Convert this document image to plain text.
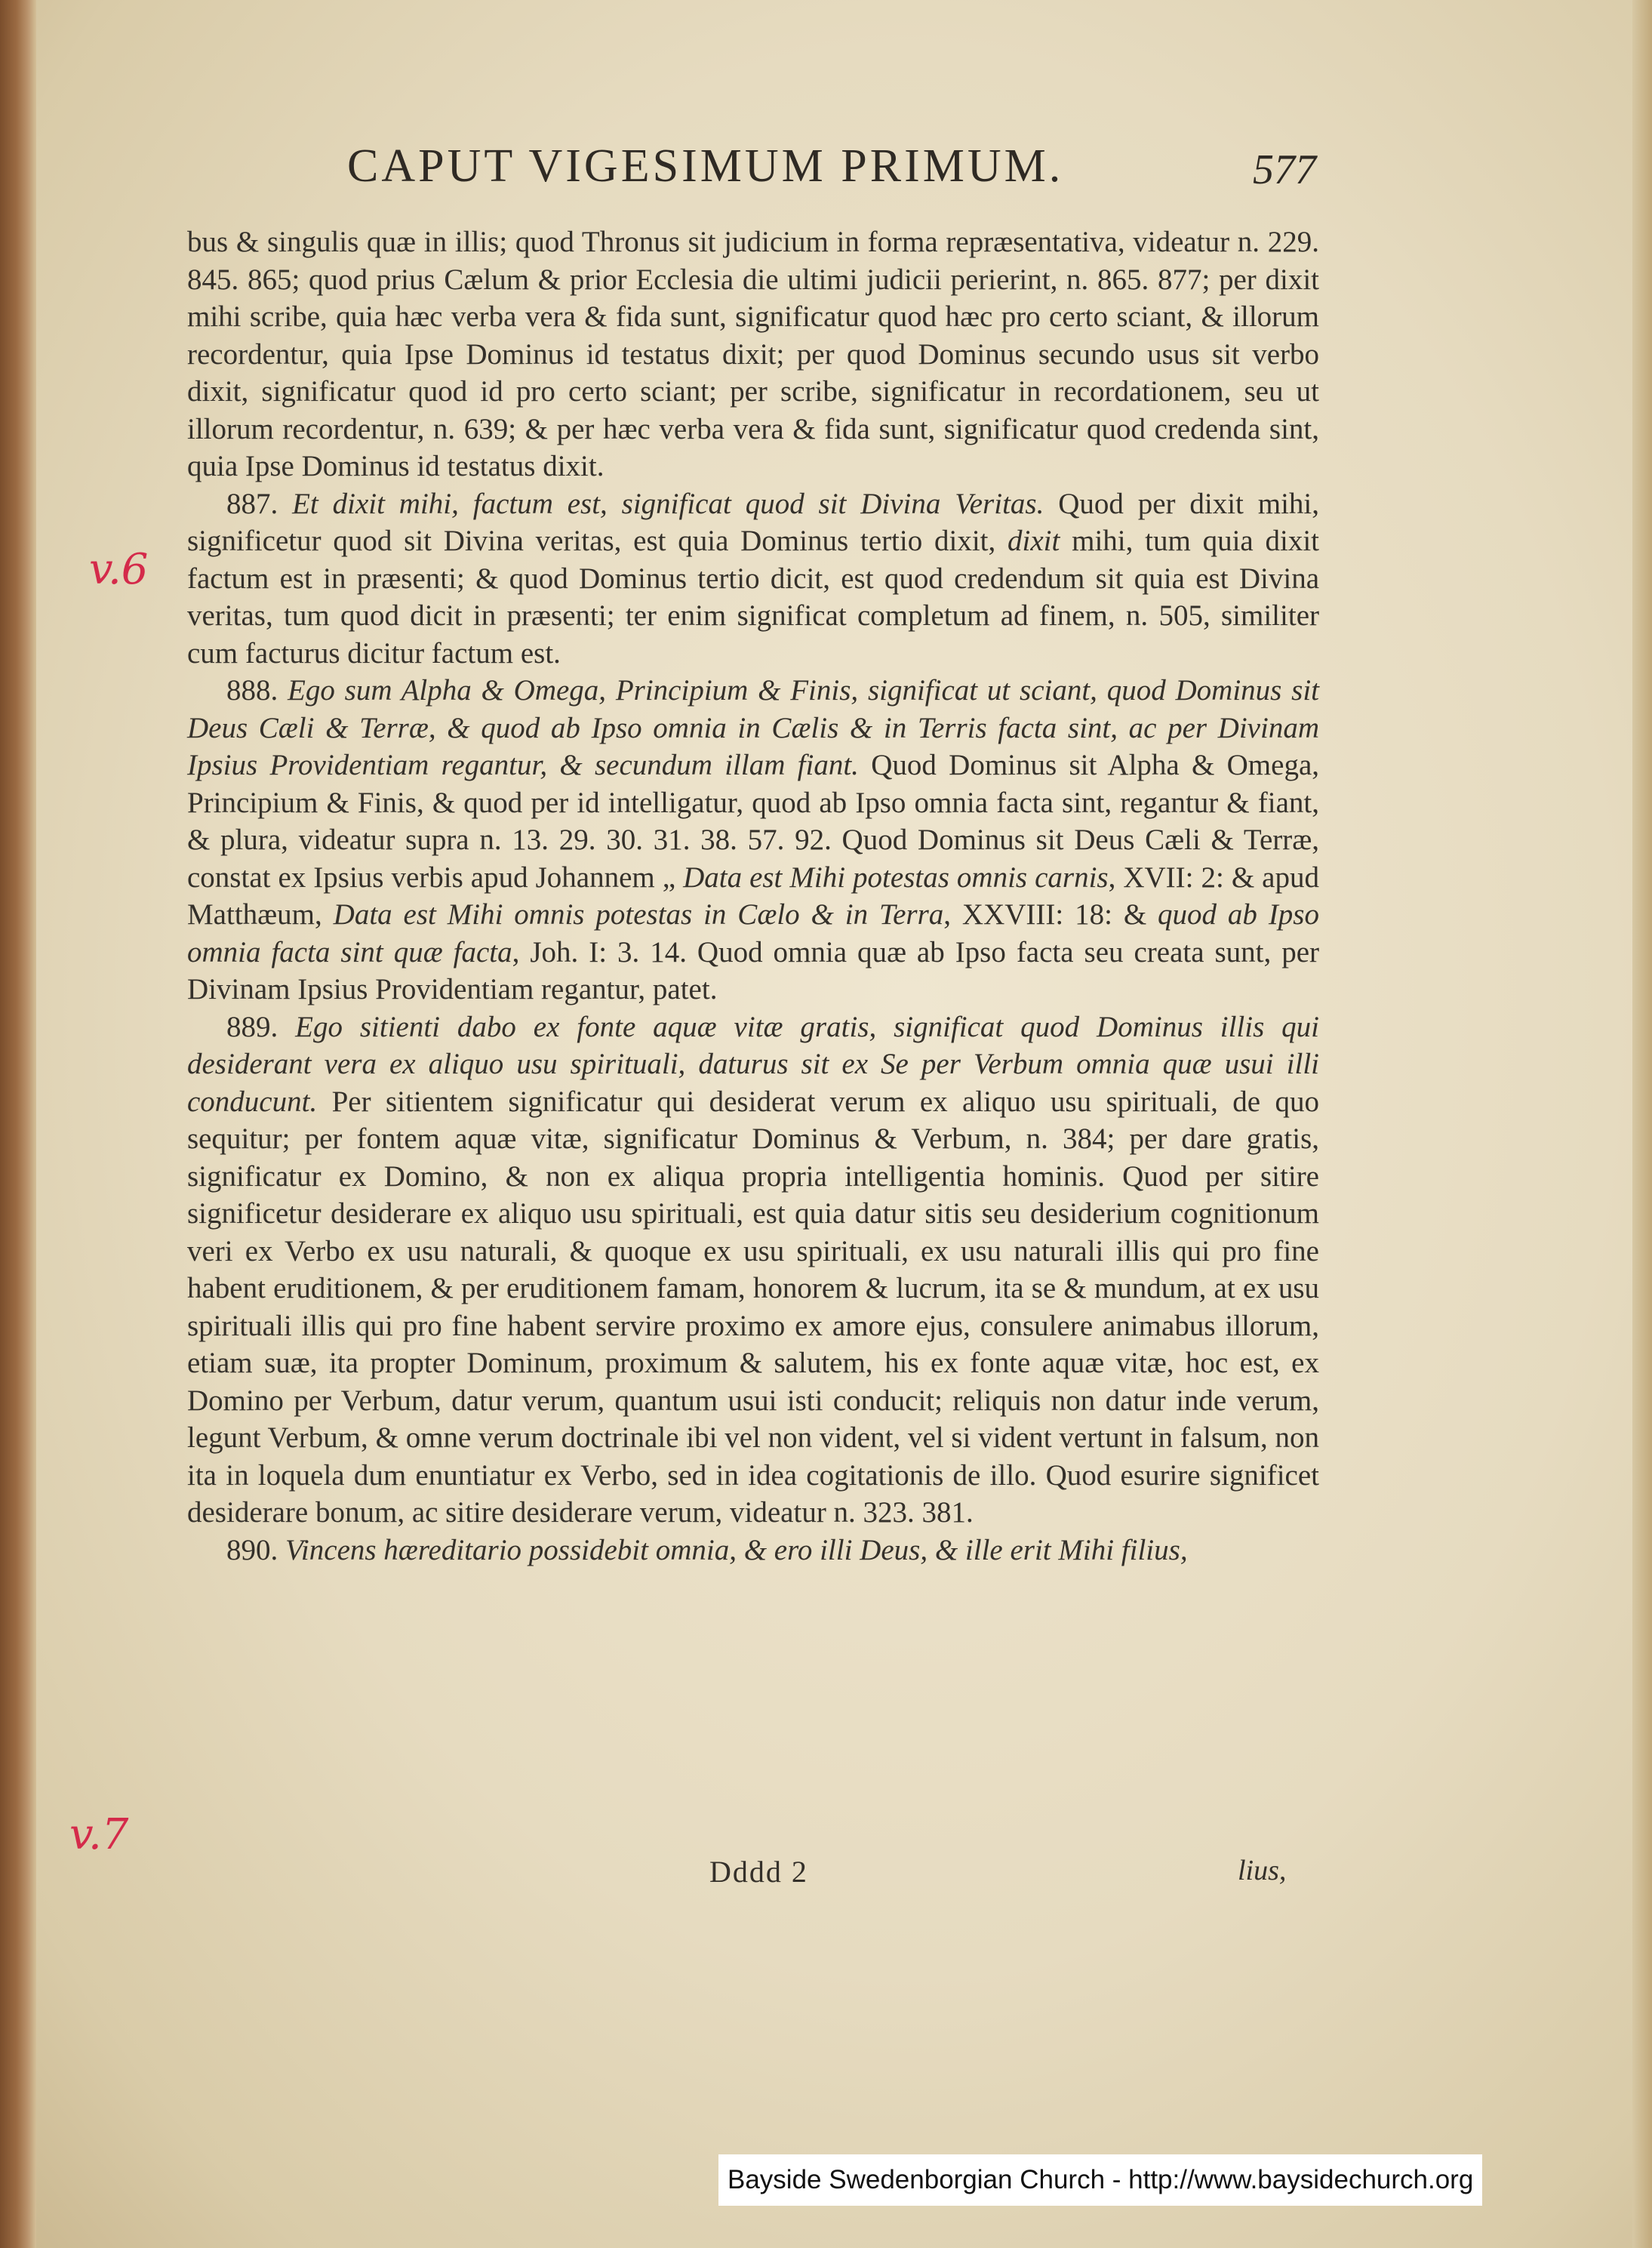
CAPUT VIGESIMUM PRIMUM.	577
v.6
v.7

bus & singulis quæ in illis; quod Thronus sit judicium in forma repræsentativa, videatur n. 229. 845. 865; quod prius Cælum & prior Ecclesia die ultimi judicii perierint, n. 865. 877; per dixit mihi scribe, quia hæc verba vera & fida sunt, significatur quod hæc pro certo sciant, & illorum recordentur, quia Ipse Dominus id testatus dixit; per quod Dominus secundo usus sit verbo dixit, significatur quod id pro certo sciant; per scribe, significatur in recordationem, seu ut illorum recordentur, n. 639; & per hæc verba vera & fida sunt, significatur quod credenda sint, quia Ipse Dominus id testatus dixit.

887. Et dixit mihi, factum est, significat quod sit Divina Veritas. Quod per dixit mihi, significetur quod sit Divina veritas, est quia Dominus tertio dixit, dixit mihi, tum quia dixit factum est in præsenti; & quod Dominus tertio dicit, est quod credendum sit quia est Divina veritas, tum quod dicit in præsenti; ter enim significat completum ad finem, n. 505, similiter cum facturus dicitur factum est.

888. Ego sum Alpha & Omega, Principium & Finis, significat ut sciant, quod Dominus sit Deus Cæli & Terræ, & quod ab Ipso omnia in Cælis & in Terris facta sint, ac per Divinam Ipsius Providentiam regantur, & secundum illam fiant. Quod Dominus sit Alpha & Omega, Principium & Finis, & quod per id intelligatur, quod ab Ipso omnia facta sint, regantur & fiant, & plura, videatur supra n. 13. 29. 30. 31. 38. 57. 92. Quod Dominus sit Deus Cæli & Terræ, constat ex Ipsius verbis apud Johannem „ Data est Mihi potestas omnis carnis, XVII: 2: & apud Matthæum, Data est Mihi omnis potestas in Cælo & in Terra, XXVIII: 18: & quod ab Ipso omnia facta sint quæ facta, Joh. I: 3. 14. Quod omnia quæ ab Ipso facta seu creata sunt, per Divinam Ipsius Providentiam regantur, patet.

889. Ego sitienti dabo ex fonte aquæ vitæ gratis, significat quod Dominus illis qui desiderant vera ex aliquo usu spirituali, daturus sit ex Se per Verbum omnia quæ usui illi conducunt. Per sitientem significatur qui desiderat verum ex aliquo usu spirituali, de quo sequitur; per fontem aquæ vitæ, significatur Dominus & Verbum, n. 384; per dare gratis, significatur ex Domino, & non ex aliqua propria intelligentia hominis. Quod per sitire significetur desiderare ex aliquo usu spirituali, est quia datur sitis seu desiderium cognitionum veri ex Verbo ex usu naturali, & quoque ex usu spirituali, ex usu naturali illis qui pro fine habent eruditionem, & per eruditionem famam, honorem & lucrum, ita se & mundum, at ex usu spirituali illis qui pro fine habent servire proximo ex amore ejus, consulere animabus illorum, etiam suæ, ita propter Dominum, proximum & salutem, his ex fonte aquæ vitæ, hoc est, ex Domino per Verbum, datur verum, quantum usui isti conducit; reliquis non datur inde verum, legunt Verbum, & omne verum doctrinale ibi vel non vident, vel si vident vertunt in falsum, non ita in loquela dum enuntiatur ex Verbo, sed in idea cogitationis de illo. Quod esurire significet desiderare bonum, ac sitire desiderare verum, videatur n. 323. 381.

890. Vincens hæreditario possidebit omnia, & ero illi Deus, & ille erit Mihi filius,

Dddd 2	lius,
Bayside Swedenborgian Church - http://www.baysidechurch.org
